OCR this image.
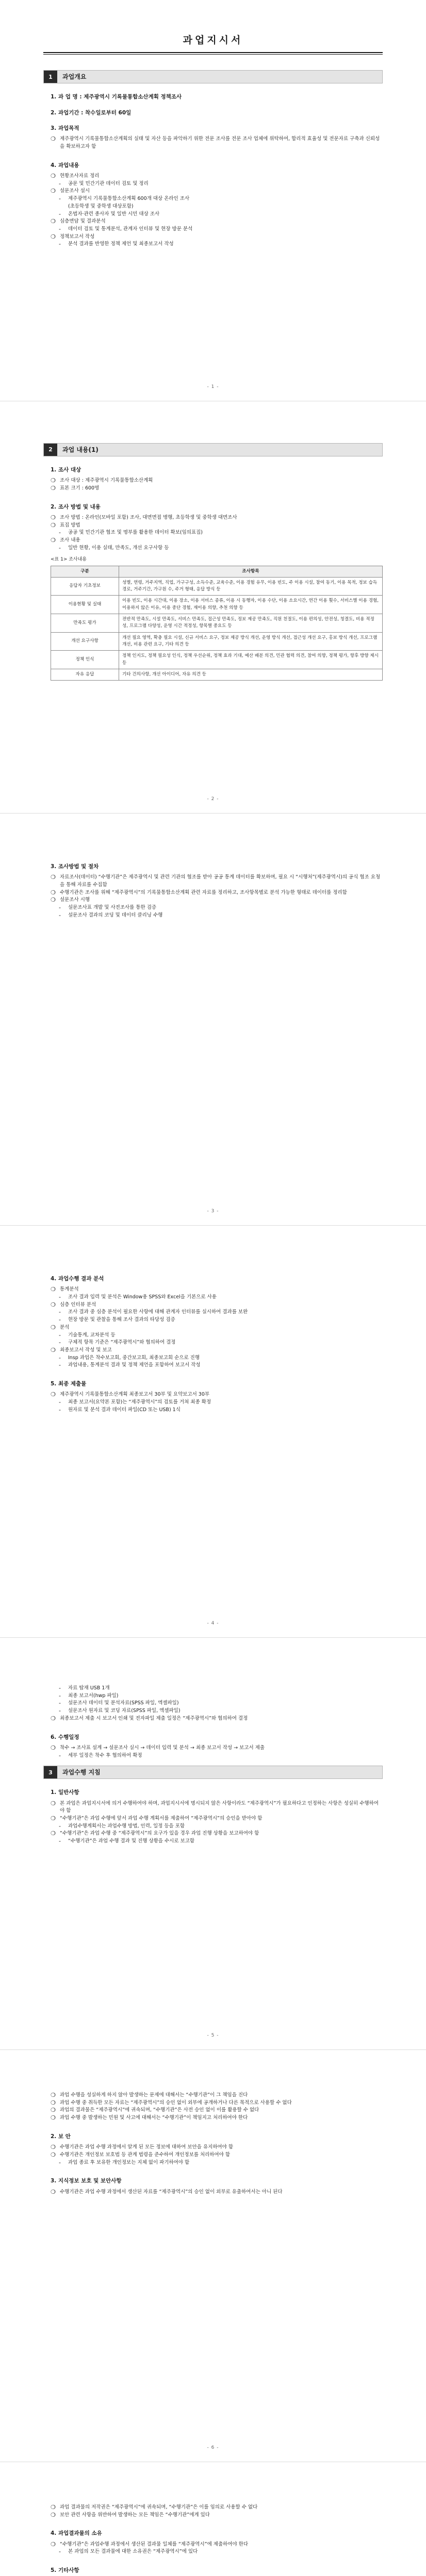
과업지시서
1	과업개요
1. 과 업 명 : 제주광역시 기록물통합소산계획 정책조사
2. 과업기간 : 착수일로부터 60일
3. 과업목적
❍ 제주광역시 기록물통합소산계획의 실태 및 자산 등을 파악하기 위한 전문 조사를 전문 조사 업체에 위탁하여, 합리적 효율성 및 전문자료 구축과 신뢰성을 확보하고자 함
4. 과업내용
❍ 현황조사자료 정리
-	공문 및 민간기관 데이터 검토 및 정리
❍ 설문조사 설시
-	제주광역시 기록물통합소산계획 600개 대상 온라인 조사
(초등학생 및 중학생 대상포함)
-	온법자·관련 종사자 및 일반 시민 대상 조사
❍ 심층면담 및 결과분석
-	데이터 검토 및 통계분석, 관계자 인터뷰 및 현장 방문 분석
❍ 정책보고서 작성
-	분석 결과를 반영한 정책 제언 및 최종보고서 작성
- 1 -
2	과업 내용(1)
1. 조사 대상
❍ 조사 대상 : 제주광역시 기록물통합소산계획
❍ 표본 크기 : 600명
2. 조사 방법 및 내용
❍ 조사 방법 : 온라인(모바일 포함) 조사, 대면면접 병행, 초등학생 및 중학생 대면조사
❍ 표집 방법
-	공공 및 민간기관 협조 및 명부를 활용한 데이터 확보(임의표집)
❍ 조사 내용
-	일반 현황, 이용 실태, 만족도, 개선 요구사항 등
<표 1> 조사내용
구분	조사항목
응답자 기초정보	성별, 연령, 거주지역, 직업, 가구구성, 소득수준, 교육수준, 이용 경험 유무, 이용 빈도, 주 이용 시설, 참여 동기, 이용 목적, 정보 습득 경로, 거주기간, 가구원 수, 주거 형태, 응답 방식 등
이용현황 및 실태	이용 빈도, 이용 시간대, 이용 장소, 이용 서비스 종류, 이용 시 동행자, 이용 수단, 이용 소요시간, 연간 이용 횟수, 서비스별 이용 경험, 이용하지 않은 이유, 이용 중단 경험, 재이용 의향, 추천 의향 등
만족도 평가	전반적 만족도, 시설 만족도, 서비스 만족도, 접근성 만족도, 정보 제공 만족도, 직원 친절도, 이용 편의성, 안전성, 청결도, 비용 적정성, 프로그램 다양성, 운영 시간 적정성, 항목별 중요도 등
개선 요구사항	개선 필요 영역, 확충 필요 시설, 신규 서비스 요구, 정보 제공 방식 개선, 운영 방식 개선, 접근성 개선 요구, 홍보 방식 개선, 프로그램 개선, 비용 관련 요구, 기타 의견 등
정책 인식	정책 인지도, 정책 필요성 인식, 정책 우선순위, 정책 효과 기대, 예산 배분 의견, 민관 협력 의견, 참여 의향, 정책 평가, 향후 방향 제시 등
자유 응답	기타 건의사항, 개선 아이디어, 자유 의견 등
- 2 -
3. 조사방법 및 절차
❍ 자료조사(데이터) “수행기관”은 제주광역시 및 관련 기관의 협조를 받아 공공 통계 데이터를 확보하며, 필요 시 “시행처”(제주광역시)의 공식 협조 요청을 통해 자료를 수집함
❍ 수행기관은 조사를 위해 “제주광역시”의 기록물통합소산계획 관련 자료를 정리하고, 조사항목별로 분석 가능한 형태로 데이터를 정리함
❍ 설문조사 시행
-	설문조사표 개발 및 사전조사를 통한 검증
-	설문조사 결과의 코딩 및 데이터 클리닝 수행
- 3 -
4. 과업수행 결과 분석
❍ 통계분석
-	조사 결과 입력 및 분석은 Window용 SPSS와 Excel을 기본으로 사용
❍ 심층 인터뷰 분석
-	조사 결과 중 심층 분석이 필요한 사항에 대해 관계자 인터뷰를 실시하여 결과를 보완
-	현장 방문 및 관찰을 통해 조사 결과의 타당성 검증
❍ 분석
-	기술통계, 교차분석 등
-	구체적 항목 기준은 “제주광역시”와 협의하여 결정
❍ 최종보고서 작성 및 보고
-	Insp 과업은 착수보고회, 중간보고회, 최종보고회 순으로 진행
-	과업내용, 통계분석 결과 및 정책 제언을 포함하여 보고서 작성
5. 최종 제출물
❍ 제주광역시 기록물통합소산계획 최종보고서 30부 및 요약보고서 30부
-	최종 보고서(요약본 포함)는 “제주광역시”의 검토를 거쳐 최종 확정
-	원자료 및 분석 결과 데이터 파일(CD 또는 USB) 1식
- 4 -
-	자료 탑재 USB 1개
-	최종 보고서(hwp 파일)
-	설문조사 데이터 및 분석자료(SPSS 파일, 엑셀파일)
-	설문조사 원자료 및 코딩 자료(SPSS 파일, 엑셀파일)
❍ 최종보고서 제출 시 보고서 인쇄 및 전자파일 제출 일정은 “제주광역시”와 협의하여 결정
6. 수행일정
❍ 착수 → 조사표 설계 → 설문조사 실시 → 데이터 입력 및 분석 → 최종 보고서 작성 → 보고서 제출
-	세부 일정은 착수 후 협의하여 확정
3	과업수행 지침
1. 일반사항
❍ 본 과업은 과업지시서에 의거 수행하여야 하며, 과업지시서에 명시되지 않은 사항이라도 “제주광역시”가 필요하다고 인정하는 사항은 성실히 수행하여야 함
❍ “수행기관”은 과업 수행에 앞서 과업 수행 계획서를 제출하여 “제주광역시”의 승인을 받아야 함
-	과업수행계획서는 과업수행 방법, 인력, 일정 등을 포함
❍ “수행기관”은 과업 수행 중 “제주광역시”의 요구가 있을 경우 과업 진행 상황을 보고하여야 함
-	“수행기관”은 과업 수행 결과 및 진행 상황을 수시로 보고함
- 5 -
❍ 과업 수행을 성실하게 하지 않아 발생하는 문제에 대해서는 “수행기관”이 그 책임을 진다
❍ 과업 수행 중 취득한 모든 자료는 “제주광역시”의 승인 없이 외부에 공개하거나 다른 목적으로 사용할 수 없다
❍ 과업의 결과물은 “제주광역시”에 귀속되며, “수행기관”은 사전 승인 없이 이를 활용할 수 없다
❍ 과업 수행 중 발생하는 민원 및 사고에 대해서는 “수행기관”이 책임지고 처리하여야 한다
2. 보 안
❍ 수행기관은 과업 수행 과정에서 알게 된 모든 정보에 대하여 보안을 유지하여야 함
❍ 수행기관은 개인정보 보호법 등 관계 법령을 준수하여 개인정보를 처리하여야 함
-	과업 종료 후 보유한 개인정보는 지체 없이 파기하여야 함
3. 지식정보 보호 및 보안사항
❍ 수행기관은 과업 수행 과정에서 생산된 자료를 “제주광역시”의 승인 없이 외부로 유출하여서는 아니 된다
- 6 -
❍ 과업 결과물의 저작권은 “제주광역시”에 귀속되며, “수행기관”은 이를 임의로 사용할 수 없다
❍ 보안 관련 사항을 위반하여 발생하는 모든 책임은 “수행기관”에게 있다
4. 과업결과물의 소유
❍ “수행기관”은 과업수행 과정에서 생산된 결과물 일체를 “제주광역시”에 제출하여야 한다
-	본 과업의 모든 결과물에 대한 소유권은 “제주광역시”에 있다
5. 기타사항
